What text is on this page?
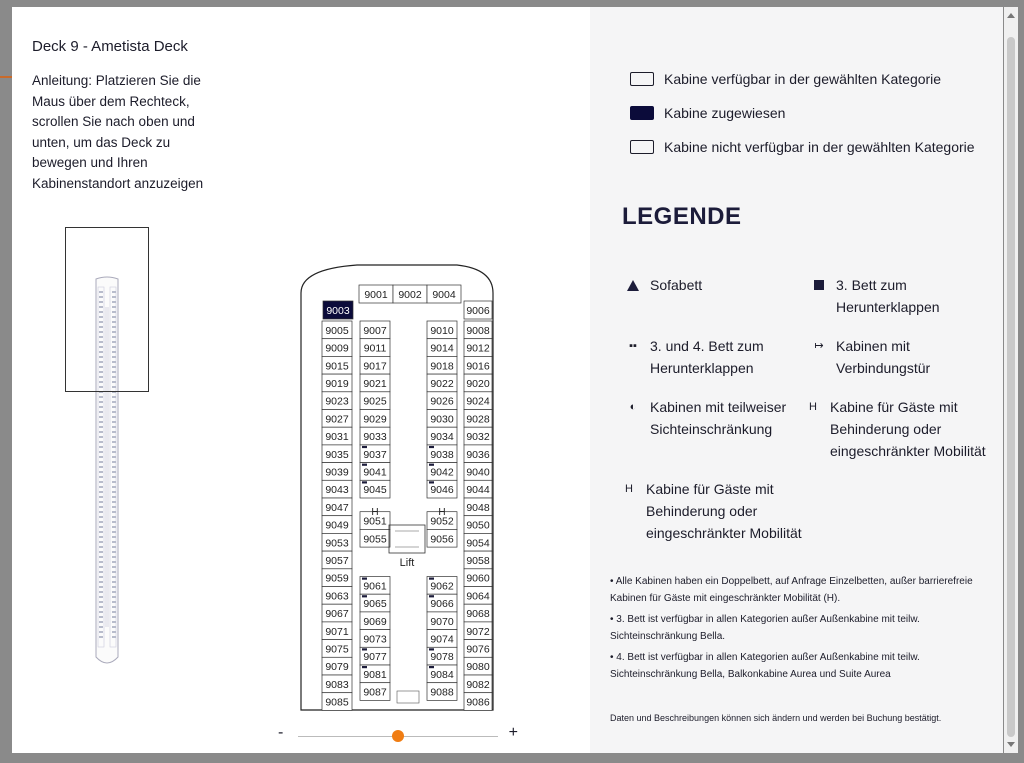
Deck 9 - Ametista Deck
Anleitung: Platzieren Sie die Maus über dem Rechteck, scrollen Sie nach oben und unten, um das Deck zu bewegen und Ihren Kabinenstandort anzuzeigen
9001 9002 9004
9006
9003
9005
9009
9015
9019
9023
9027
9031
9035
9039
9043
9047
9049
9053
9057
9059
9063
9067
9071
9075
9079
9083
9085
9008
9012
9016
9020
9024
9028
9032
9036
9040
9044
9048
9050
9054
9058
9060
9064
9068
9072
9076
9080
9082
9086
9007
9011
9017
9021
9025
9029
9033
9037
9041
9045
9051
9055
9061
9065
9069
9073
9077
9081
9087
9010
9014
9018
9022
9026
9030
9034
9038
9042
9046
9052
9056
9062
9066
9070
9074
9078
9084
9088
H	H
Lift
-	+
Kabine verfügbar in der gewählten Kategorie
Kabine zugewiesen
Kabine nicht verfügbar in der gewählten Kategorie
LEGENDE
Sofabett	3. Bett zum Herunterklappen
▪▪ 3. und 4. Bett zum Herunterklappen
↦ Kabinen mit Verbindungstür
◐ Kabinen mit teilweiser Sichteinschränkung
H Kabine für Gäste mit Behinderung oder eingeschränkter Mobilität
H Kabine für Gäste mit Behinderung oder eingeschränkter Mobilität

• Alle Kabinen haben ein Doppelbett, auf Anfrage Einzelbetten, außer barrierefreie Kabinen für Gäste mit eingeschränkter Mobilität (H).

• 3. Bett ist verfügbar in allen Kategorien außer Außenkabine mit teilw. Sichteinschränkung Bella.

• 4. Bett ist verfügbar in allen Kategorien außer Außenkabine mit teilw. Sichteinschränkung Bella, Balkonkabine Aurea und Suite Aurea

Daten und Beschreibungen können sich ändern und werden bei Buchung bestätigt.
